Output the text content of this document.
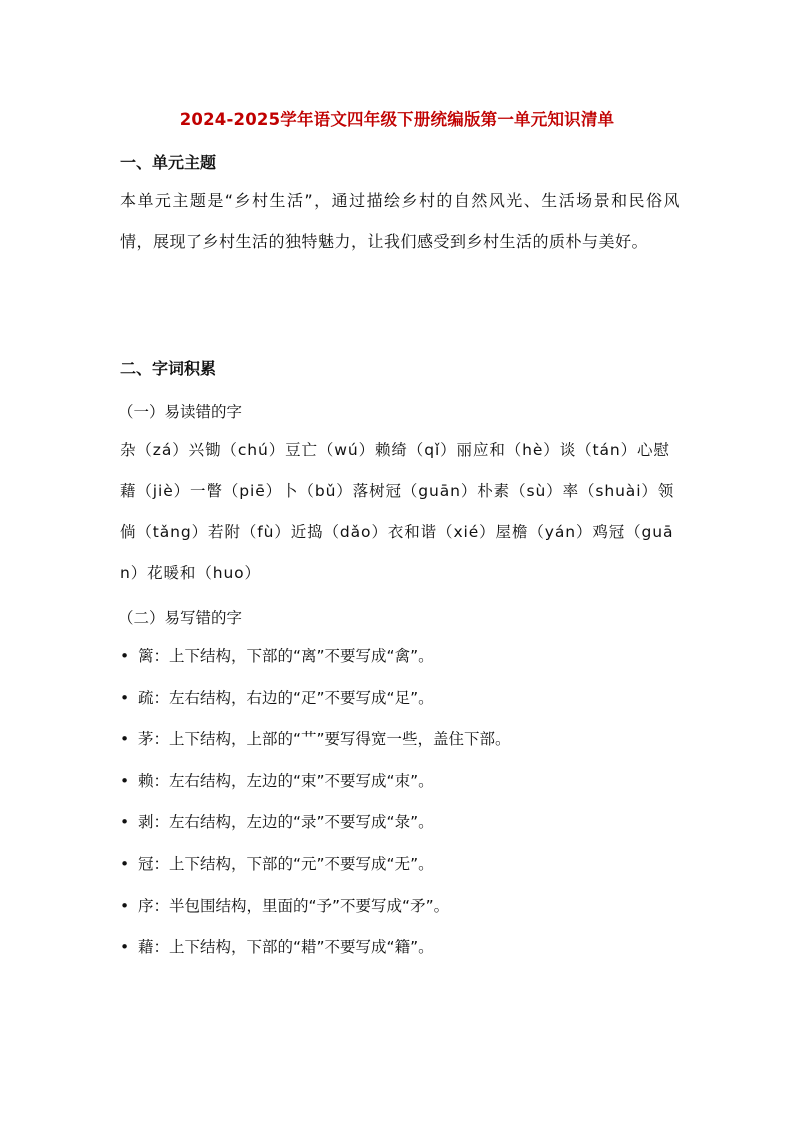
2024-2025学年语文四年级下册统编版第一单元知识清单
一、单元主题

本单元主题是“乡村生活”，通过描绘乡村的自然风光、生活场景和民俗风情，展现了乡村生活的独特魅力，让我们感受到乡村生活的质朴与美好。

二、字词积累
（一）易读错的字

杂（zá）兴锄（chú）豆亡（wú）赖绮（qǐ）丽应和（hè）谈（tán）心慰藉（jiè）一瞥（piē）卜（bǔ）落树冠（guān）朴素（sù）率（shuài）领倘（tǎng）若附（fù）近捣（dǎo）衣和谐（xié）屋檐（yán）鸡冠（guān）花暖和（huo）

（二）易写错的字
• 篱：上下结构，下部的“离”不要写成“禽”。
• 疏：左右结构，右边的“疋”不要写成“足”。
• 茅：上下结构，上部的“艹”要写得宽一些，盖住下部。
• 赖：左右结构，左边的“束”不要写成“朿”。
• 剥：左右结构，左边的“录”不要写成“彔”。
• 冠：上下结构，下部的“元”不要写成“无”。
• 序：半包围结构，里面的“予”不要写成“矛”。
• 藉：上下结构，下部的“耤”不要写成“籍”。
